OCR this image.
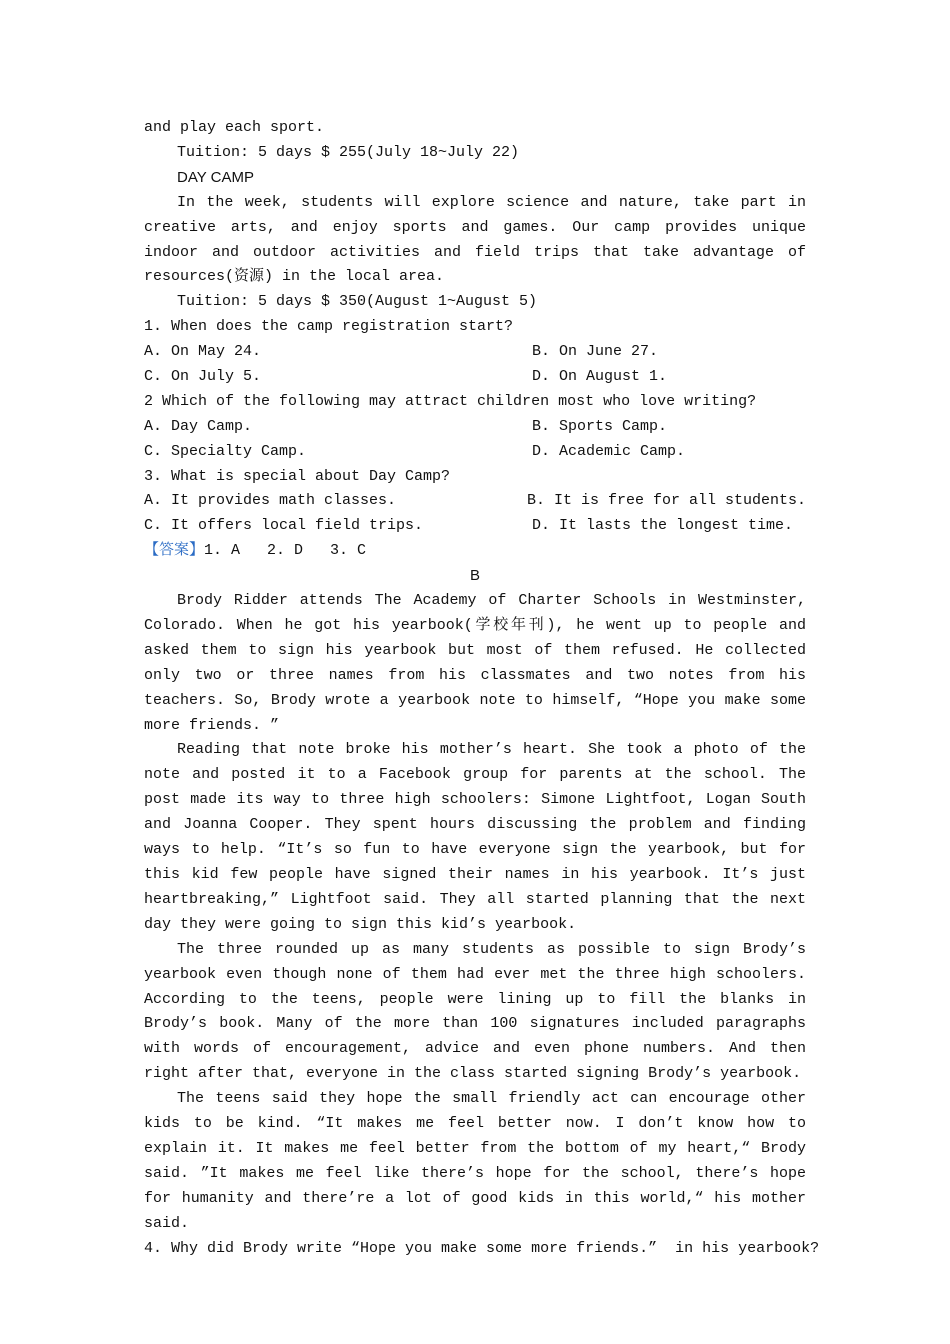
and play each sport.
Tuition: 5 days $ 255(July 18~July 22)
DAY CAMP

In the week, students will explore science and nature, take part in creative arts, and enjoy sports and games. Our camp provides unique indoor and outdoor activities and field trips that take advantage of resources(资源) in the local area.

Tuition: 5 days $ 350(August 1~August 5)
1. When does the camp registration start?
A. On May 24.	B. On June 27.
C. On July 5.	D. On August 1.
2 Which of the following may attract children most who love writing?
A. Day Camp.	B. Sports Camp.
C. Specialty Camp.	D. Academic Camp.
3. What is special about Day Camp?
A. It provides math classes.	B. It is free for all students.
C. It offers local field trips.	D. It lasts the longest time.
【答案】1. A   2. D   3. C
B

Brody Ridder attends The Academy of Charter Schools in Westminster, Colorado. When he got his yearbook(学校年刊), he went up to people and asked them to sign his yearbook but most of them refused. He collected only two or three names from his classmates and two notes from his teachers. So, Brody wrote a yearbook note to himself, “Hope you make some more friends. ”

Reading that note broke his mother’s heart. She took a photo of the note and posted it to a Facebook group for parents at the school. The post made its way to three high schoolers: Simone Lightfoot, Logan South and Joanna Cooper. They spent hours discussing the problem and finding ways to help. “It’s so fun to have everyone sign the yearbook, but for this kid few people have signed their names in his yearbook. It’s just heartbreaking,” Lightfoot said. They all started planning that the next day they were going to sign this kid’s yearbook.

The three rounded up as many students as possible to sign Brody’s yearbook even though none of them had ever met the three high schoolers. According to the teens, people were lining up to fill the blanks in Brody’s book. Many of the more than 100 signatures included paragraphs with words of encouragement, advice and even phone numbers. And then right after that, everyone in the class started signing Brody’s yearbook.

The teens said they hope the small friendly act can encourage other kids to be kind. “It makes me feel better now. I don’t know how to explain it. It makes me feel better from the bottom of my heart,“ Brody said. ”It makes me feel like there’s hope for the school, there’s hope for humanity and there’re a lot of good kids in this world,“ his mother said.

4. Why did Brody write “Hope you make some more friends.”  in his yearbook?
